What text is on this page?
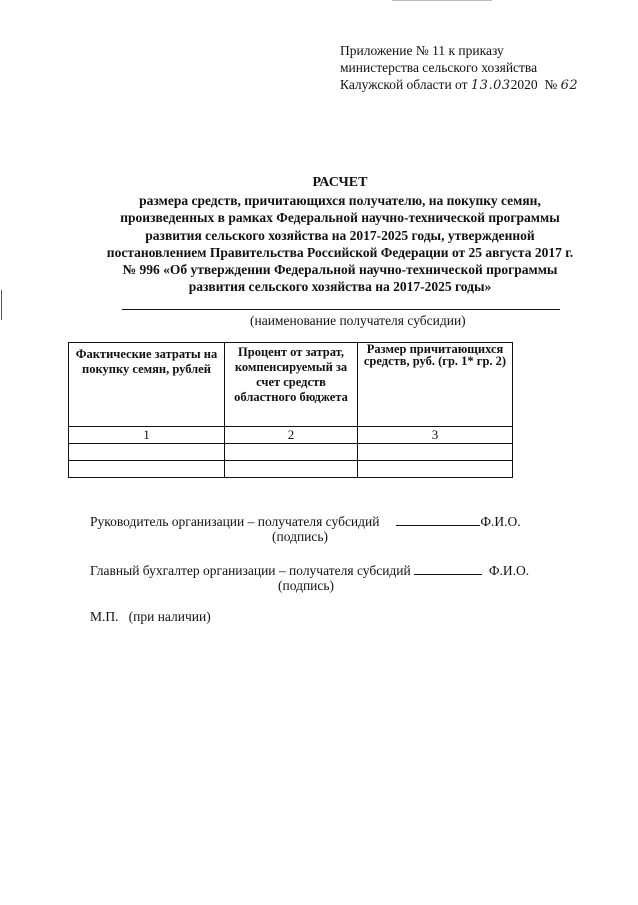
Приложение № 11 к приказу
министерства сельского хозяйства
Калужской области от 13.032020 № 62
РАСЧЕТ
размера средств, причитающихся получателю, на покупку семян,
произведенных в рамках Федеральной научно-технической программы
развития сельского хозяйства на 2017-2025 годы, утвержденной
постановлением Правительства Российской Федерации от 25 августа 2017 г.
№ 996 «Об утверждении Федеральной научно-технической программы
развития сельского хозяйства на 2017-2025 годы»
(наименование получателя субсидии)
Фактические затраты на покупку семян, рублей	Процент от затрат, компенсируемый за счет средств областного бюджета	Размер причитающихся средств, руб. (гр. 1* гр. 2)
1	2	3

Руководитель организации – получателя субсидий	Ф.И.О.
(подпись)
Главный бухгалтер организации – получателя субсидий	Ф.И.О.
(подпись)
М.П.   (при наличии)
